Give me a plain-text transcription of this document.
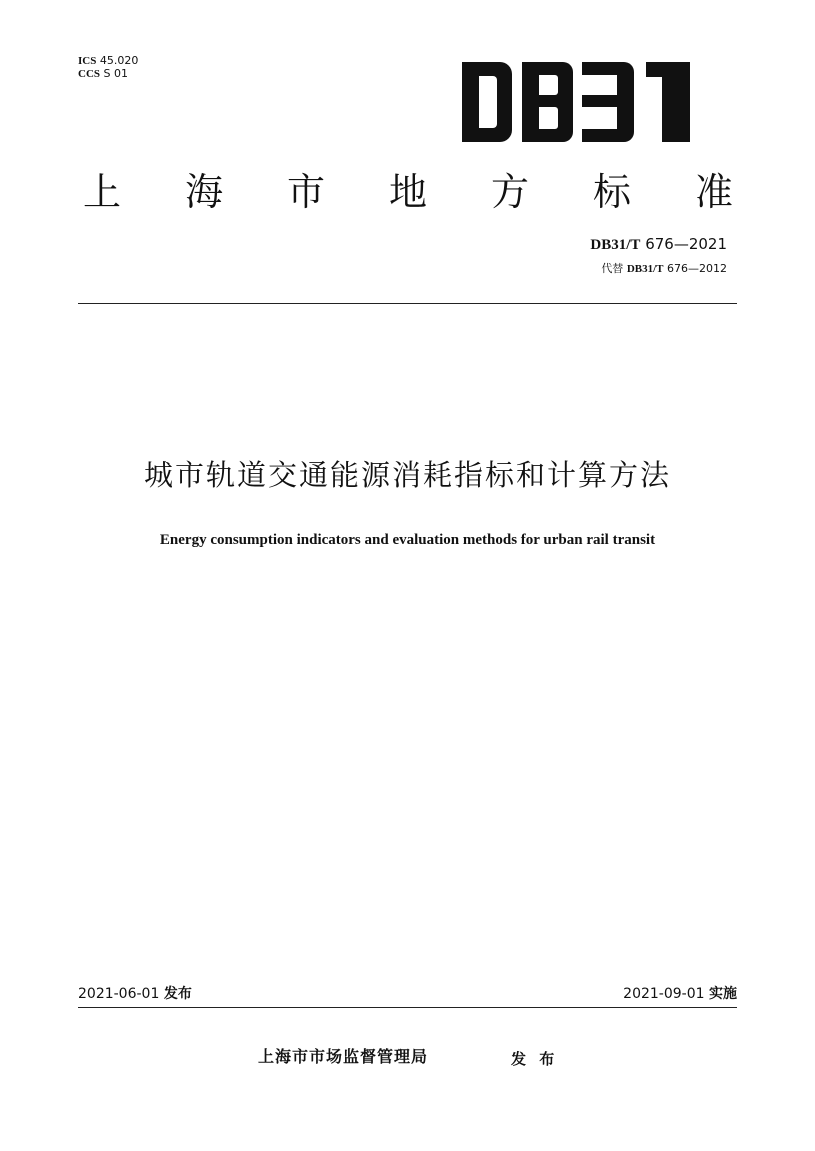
ICS 45.020
CCS S 01
上 海 市 地 方 标 准
DB31/T 676—2021
代替 DB31/T 676—2012
城市轨道交通能源消耗指标和计算方法
Energy consumption indicators and evaluation methods for urban rail transit
2021-06-01 发布	2021-09-01 实施
上海市市场监督管理局	发 布
